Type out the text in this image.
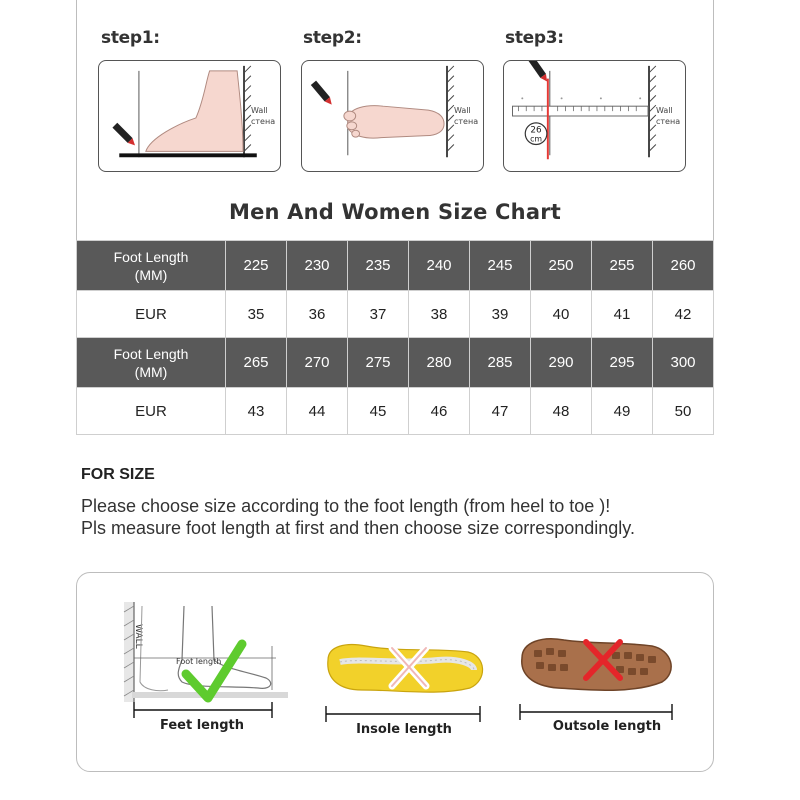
step1:	step2:	step3:
Wall
стена
Wall
стена
26
cm
Wall
стена
Men And Women Size Chart
Foot Length
(MM)	225	230	235	240	245	250	255	260
EUR	35	36	37	38	39	40	41	42
Foot Length
(MM)	265	270	275	280	285	290	295	300
EUR	43	44	45	46	47	48	49	50
FOR SIZE
Please choose size according to the foot length (from heel to toe )!
Pls measure foot length at first and then choose size correspondingly.
WALL
Foot length
Feet length	Insole length	Outsole length
